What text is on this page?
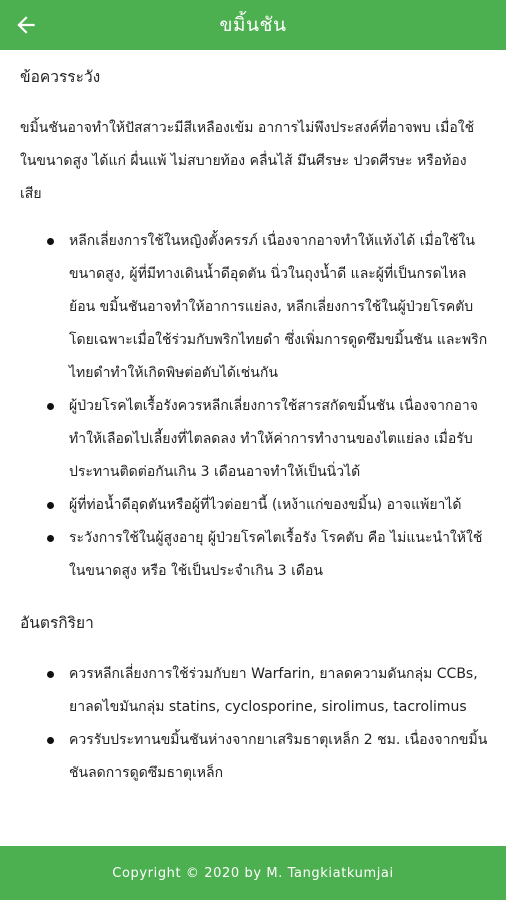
ขมิ้นชัน
ข้อควรระวัง
ขมิ้นชันอาจทำให้ปัสสาวะมีสีเหลืองเข้ม อาการไม่พึงประสงค์ที่อาจพบ เมื่อใช้ในขนาดสูง ได้แก่ ผื่นแพ้ ไม่สบายท้อง คลื่นไส้ มึนศีรษะ ปวดศีรษะ หรือท้องเสีย
หลีกเลี่ยงการใช้ในหญิงตั้งครรภ์ เนื่องจากอาจทำให้แท้งได้ เมื่อใช้ในขนาดสูง, ผู้ที่มีทางเดินน้ำดีอุดตัน นิ่วในถุงน้ำดี และผู้ที่เป็นกรดไหลย้อน ขมิ้นชันอาจทำให้อาการแย่ลง, หลีกเลี่ยงการใช้ในผู้ป่วยโรคตับ โดยเฉพาะเมื่อใช้ร่วมกับพริกไทยดำ ซึ่งเพิ่มการดูดซึมขมิ้นชัน และพริกไทยดำทำให้เกิดพิษต่อตับได้เช่นกัน
ผู้ป่วยโรคไตเรื้อรังควรหลีกเลี่ยงการใช้สารสกัดขมิ้นชัน เนื่องจากอาจทำให้เลือดไปเลี้ยงที่ไตลดลง ทำให้ค่าการทำงานของไตแย่ลง เมื่อรับประทานติดต่อกันเกิน 3 เดือนอาจทำให้เป็นนิ่วได้
ผู้ที่ท่อน้ำดีอุดตันหรือผู้ที่ไวต่อยานี้ (เหง้าแก่ของขมิ้น) อาจแพ้ยาได้
ระวังการใช้ในผู้สูงอายุ ผู้ป่วยโรคไตเรื้อรัง โรคตับ คือ ไม่แนะนำให้ใช้ในขนาดสูง หรือ ใช้เป็นประจำเกิน 3 เดือน
อันตรกิริยา
ควรหลีกเลี่ยงการใช้ร่วมกับยา Warfarin, ยาลดความดันกลุ่ม CCBs, ยาลดไขมันกลุ่ม statins, cyclosporine, sirolimus, tacrolimus
ควรรับประทานขมิ้นชันห่างจากยาเสริมธาตุเหล็ก 2 ชม. เนื่องจากขมิ้นชันลดการดูดซึมธาตุเหล็ก
Copyright © 2020 by M. Tangkiatkumjai
